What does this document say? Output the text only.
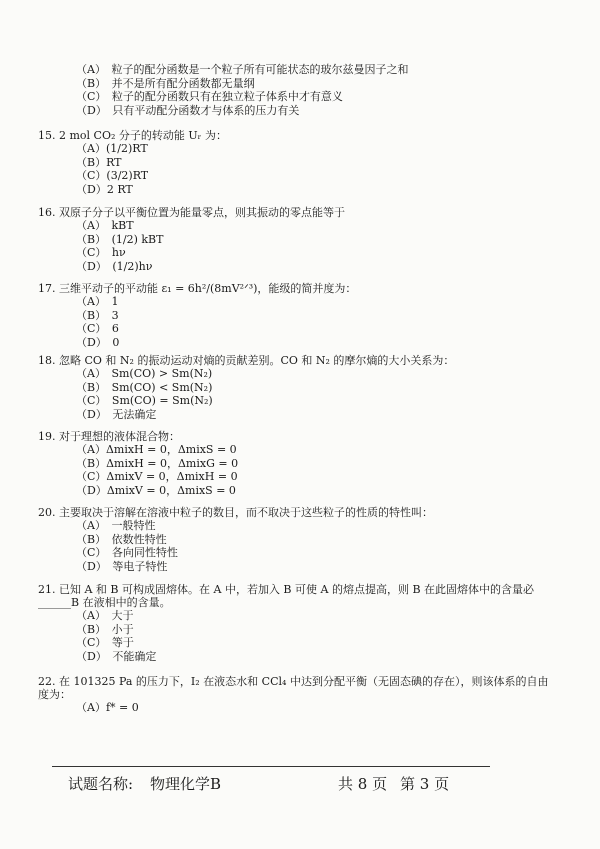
（A）　粒子的配分函数是一个粒子所有可能状态的玻尔兹曼因子之和

（B）　并不是所有配分函数都无量纲

（C）　粒子的配分函数只有在独立粒子体系中才有意义

（D）　只有平动配分函数才与体系的压力有关

15. 2 mol CO₂ 分子的转动能 Uᵣ 为：

（A）(1/2)RT

（B）RT

（C）(3/2)RT

（D）2 RT

16. 双原子分子以平衡位置为能量零点，则其振动的零点能等于

（A）　kBT

（B）　(1/2) kBT

（C）　hν

（D）　(1/2)hν

17. 三维平动子的平动能 ε₁ = 6h²/(8mV²ᐟ³)，能级的简并度为：

（A）　1

（B）　3

（C）　6

（D）　0

18. 忽略 CO 和 N₂ 的振动运动对熵的贡献差别。CO 和 N₂ 的摩尔熵的大小关系为：

（A）　Sm(CO) > Sm(N₂)

（B）　Sm(CO) < Sm(N₂)

（C）　Sm(CO) = Sm(N₂)

（D）　无法确定

19. 对于理想的液体混合物：

（A）ΔmixH = 0，ΔmixS = 0

（B）ΔmixH = 0，ΔmixG = 0

（C）ΔmixV = 0，ΔmixH = 0

（D）ΔmixV = 0，ΔmixS = 0

20. 主要取决于溶解在溶液中粒子的数目，而不取决于这些粒子的性质的特性叫：

（A）　一般特性

（B）　依数性特性

（C）　各向同性特性

（D）　等电子特性

21. 已知 A 和 B 可构成固熔体。在 A 中，若加入 B 可使 A 的熔点提高，则 B 在此固熔体中的含量必______B 在液相中的含量。

（A）　大于

（B）　小于

（C）　等于

（D）　不能确定

22. 在 101325 Pa 的压力下，I₂ 在液态水和 CCl₄ 中达到分配平衡（无固态碘的存在），则该体系的自由度为：

（A）f* = 0

试题名称: 物理化学B	共 8 页 第 3 页
